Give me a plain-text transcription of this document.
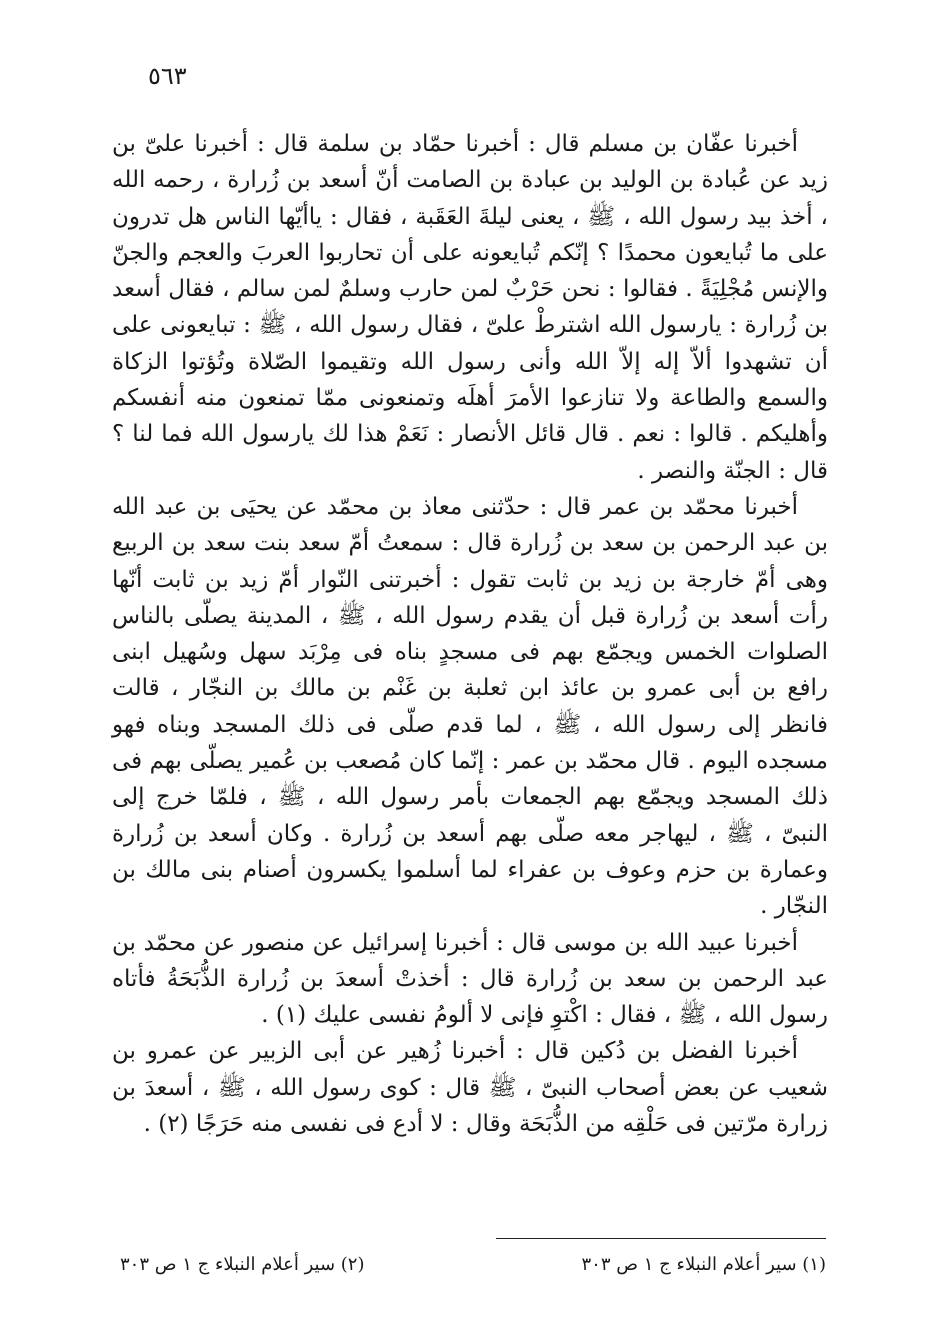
٥٦٣

أخبرنا عفّان بن مسلم قال : أخبرنا حمّاد بن سلمة قال : أخبرنا علىّ بن زيد عن عُبادة بن الوليد بن عبادة بن الصامت أنّ أسعد بن زُرارة ، رحمه الله ، أخذ بيد رسول الله ، ﷺ ، يعنى ليلةَ العَقَبة ، فقال : ياأيّها الناس هل تدرون على ما تُبايعون محمدًا ؟ إنّكم تُبايعونه على أن تحاربوا العربَ والعجم والجنّ والإنس مُجْلِيَةً . فقالوا : نحن حَرْبٌ لمن حارب وسلمٌ لمن سالم ، فقال أسعد بن زُرارة : يارسول الله اشترطْ علىّ ، فقال رسول الله ، ﷺ : تبايعونى على أن تشهدوا ألاّ إله إلاّ الله وأنى رسول الله وتقيموا الصّلاة وتُؤتوا الزكاة والسمع والطاعة ولا تنازعوا الأمرَ أهلَه وتمنعونى ممّا تمنعون منه أنفسكم وأهليكم . قالوا : نعم . قال قائل الأنصار : نَعَمْ هذا لك يارسول الله فما لنا ؟ قال : الجنّة والنصر .

أخبرنا محمّد بن عمر قال : حدّثنى معاذ بن محمّد عن يحيَى بن عبد الله بن عبد الرحمن بن سعد بن زُرارة قال : سمعتُ أمّ سعد بنت سعد بن الربيع وهى أمّ خارجة بن زيد بن ثابت تقول : أخبرتنى النّوار أمّ زيد بن ثابت أنّها رأت أسعد بن زُرارة قبل أن يقدم رسول الله ، ﷺ ، المدينة يصلّى بالناس الصلوات الخمس ويجمّع بهم فى مسجدٍ بناه فى مِرْبَد سهل وسُهيل ابنى رافع بن أبى عمرو بن عائذ ابن ثعلبة بن غَنْم بن مالك بن النجّار ، قالت فانظر إلى رسول الله ، ﷺ ، لما قدم صلّى فى ذلك المسجد وبناه فهو مسجده اليوم . قال محمّد بن عمر : إنّما كان مُصعب بن عُمير يصلّى بهم فى ذلك المسجد ويجمّع بهم الجمعات بأمر رسول الله ، ﷺ ، فلمّا خرج إلى النبىّ ، ﷺ ، ليهاجر معه صلّى بهم أسعد بن زُرارة . وكان أسعد بن زُرارة وعمارة بن حزم وعوف بن عفراء لما أسلموا يكسرون أصنام بنى مالك بن النجّار .

أخبرنا عبيد الله بن موسى قال : أخبرنا إسرائيل عن منصور عن محمّد بن عبد الرحمن بن سعد بن زُرارة قال : أخذتْ أسعدَ بن زُرارة الذُّبَحَةُ فأتاه رسول الله ، ﷺ ، فقال : اكْتوِ فإنى لا ألومُ نفسى عليك (١) .

أخبرنا الفضل بن دُكين قال : أخبرنا زُهير عن أبى الزبير عن عمرو بن شعيب عن بعض أصحاب النبىّ ، ﷺ قال : كوى رسول الله ، ﷺ ، أسعدَ بن زرارة مرّتين فى حَلْقِه من الذُّبَحَة وقال : لا أدع فى نفسى منه حَرَجًا (٢) .

(١) سير أعلام النبلاء ج ١ ص ٣٠٣
(٢) سير أعلام النبلاء ج ١ ص ٣٠٣
